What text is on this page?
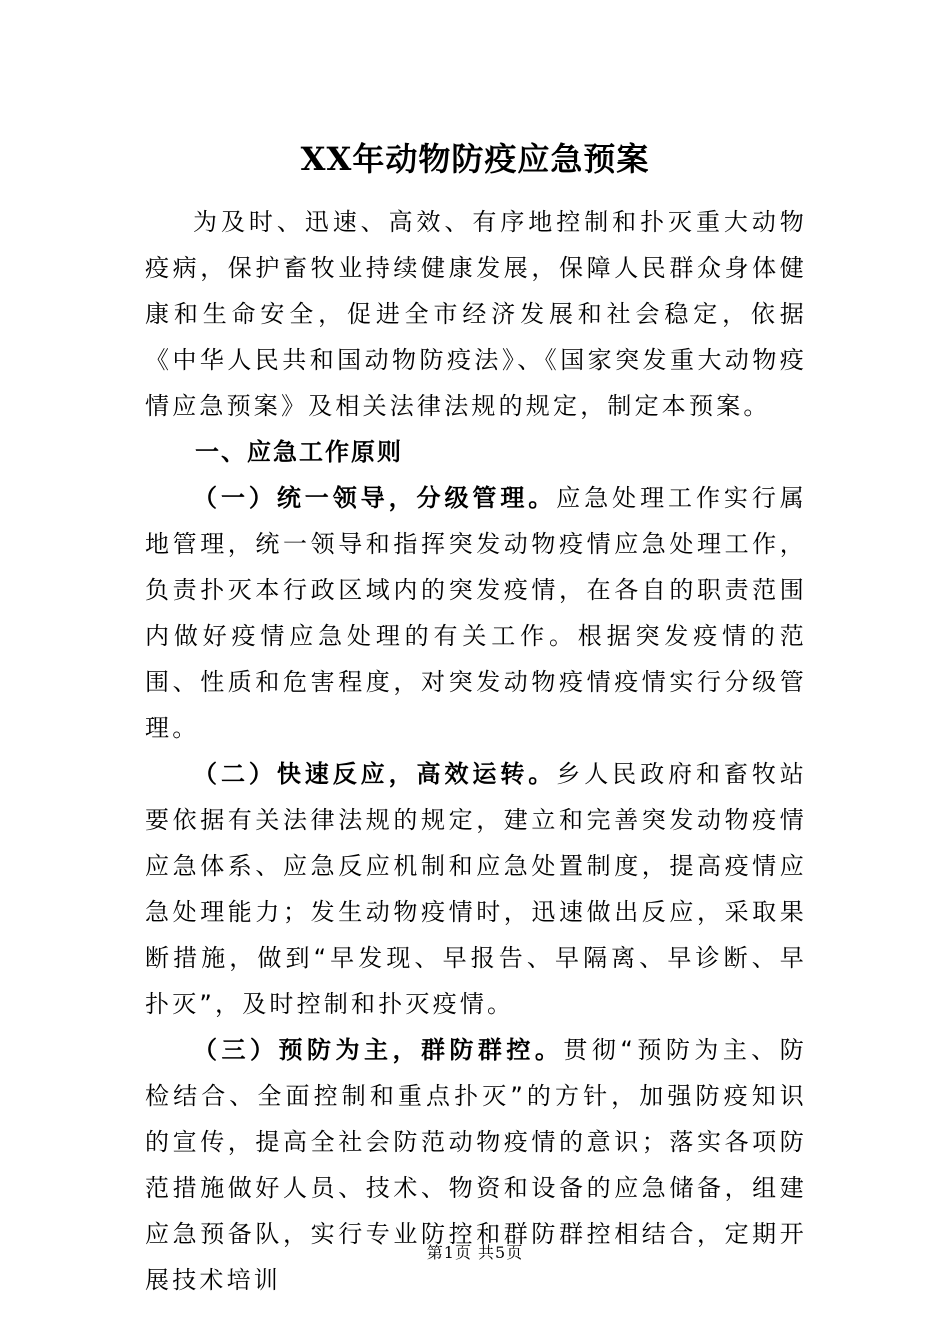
XX年动物防疫应急预案

为及时、迅速、高效、有序地控制和扑灭重大动物疫病，保护畜牧业持续健康发展，保障人民群众身体健康和生命安全，促进全市经济发展和社会稳定，依据《中华人民共和国动物防疫法》、《国家突发重大动物疫情应急预案》及相关法律法规的规定，制定本预案。

一、应急工作原则

（一）统一领导，分级管理。应急处理工作实行属地管理，统一领导和指挥突发动物疫情应急处理工作，负责扑灭本行政区域内的突发疫情，在各自的职责范围内做好疫情应急处理的有关工作。根据突发疫情的范围、性质和危害程度，对突发动物疫情疫情实行分级管理。

（二）快速反应，高效运转。乡人民政府和畜牧站要依据有关法律法规的规定，建立和完善突发动物疫情应急体系、应急反应机制和应急处置制度，提高疫情应急处理能力；发生动物疫情时，迅速做出反应，采取果断措施，做到“早发现、早报告、早隔离、早诊断、早扑灭”，及时控制和扑灭疫情。

（三）预防为主，群防群控。贯彻“预防为主、防检结合、全面控制和重点扑灭”的方针，加强防疫知识的宣传，提高全社会防范动物疫情的意识；落实各项防范措施做好人员、技术、物资和设备的应急储备，组建应急预备队，实行专业防控和群防群控相结合，定期开展技术培训

第1页 共5页
